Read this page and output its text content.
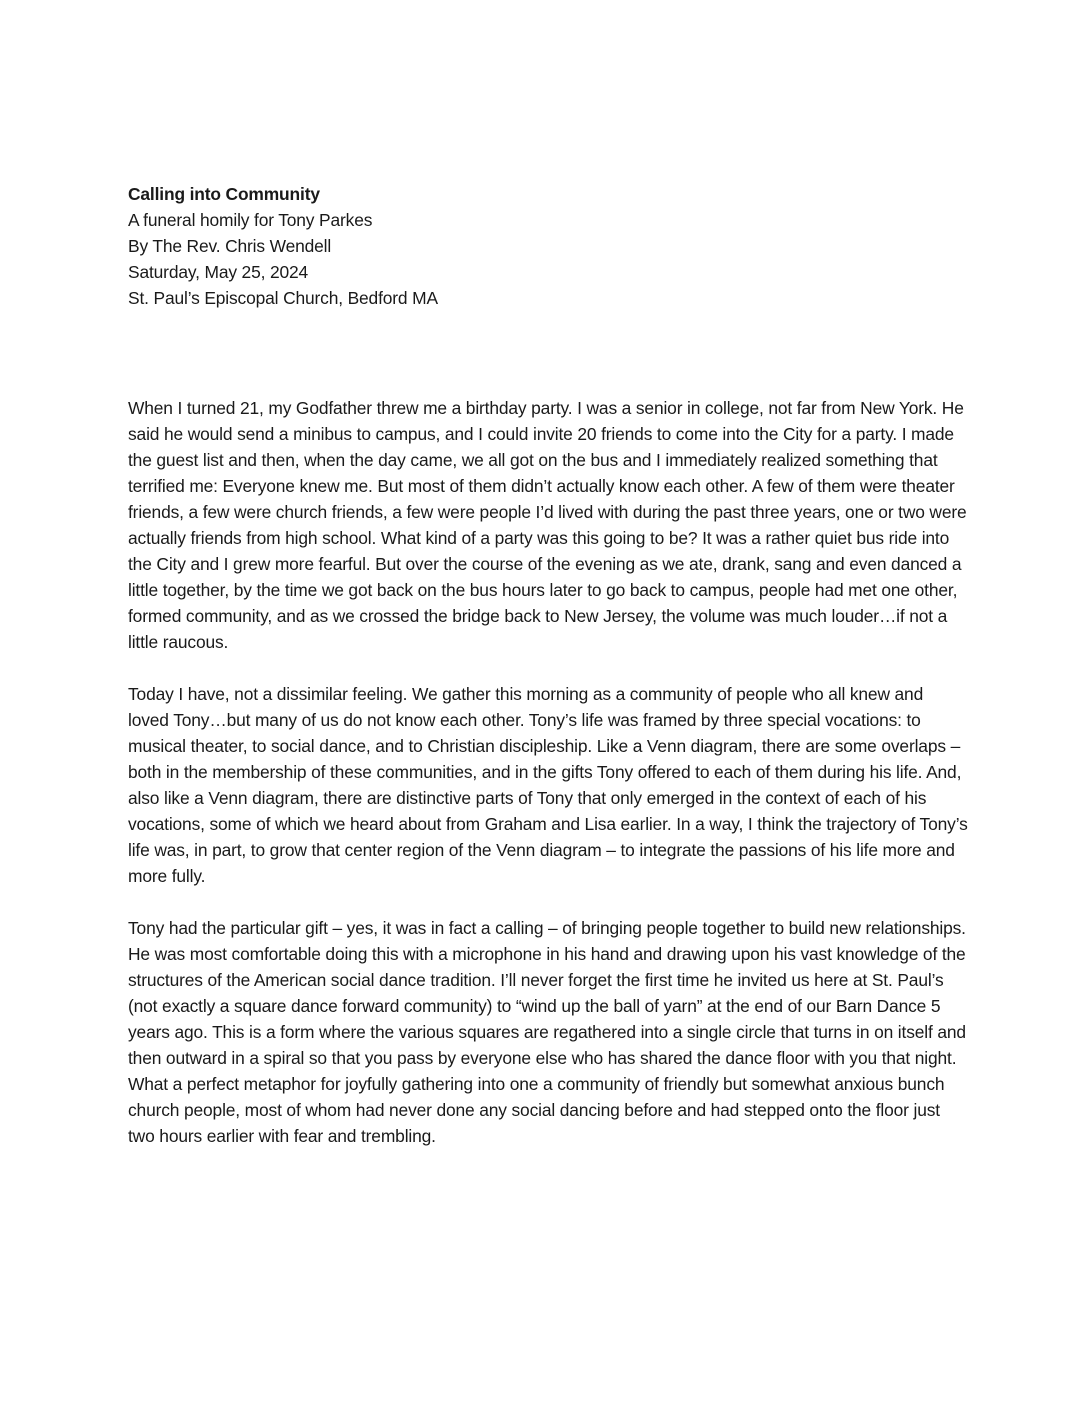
Calling into Community

A funeral homily for Tony Parkes

By The Rev. Chris Wendell

Saturday, May 25, 2024

St. Paul’s Episcopal Church, Bedford MA

When I turned 21, my Godfather threw me a birthday party. I was a senior in college, not far from New York. He said he would send a minibus to campus, and I could invite 20 friends to come into the City for a party. I made the guest list and then, when the day came, we all got on the bus and I immediately realized something that terrified me: Everyone knew me. But most of them didn’t actually know each other. A few of them were theater friends, a few were church friends, a few were people I’d lived with during the past three years, one or two were actually friends from high school. What kind of a party was this going to be? It was a rather quiet bus ride into the City and I grew more fearful. But over the course of the evening as we ate, drank, sang and even danced a little together, by the time we got back on the bus hours later to go back to campus, people had met one other, formed community, and as we crossed the bridge back to New Jersey, the volume was much louder…if not a little raucous.

Today I have, not a dissimilar feeling. We gather this morning as a community of people who all knew and loved Tony…but many of us do not know each other. Tony’s life was framed by three special vocations: to musical theater, to social dance, and to Christian discipleship. Like a Venn diagram, there are some overlaps – both in the membership of these communities, and in the gifts Tony offered to each of them during his life. And, also like a Venn diagram, there are distinctive parts of Tony that only emerged in the context of each of his vocations, some of which we heard about from Graham and Lisa earlier. In a way, I think the trajectory of Tony’s life was, in part, to grow that center region of the Venn diagram – to integrate the passions of his life more and more fully.

Tony had the particular gift – yes, it was in fact a calling – of bringing people together to build new relationships. He was most comfortable doing this with a microphone in his hand and drawing upon his vast knowledge of the structures of the American social dance tradition. I’ll never forget the first time he invited us here at St. Paul’s (not exactly a square dance forward community) to “wind up the ball of yarn” at the end of our Barn Dance 5 years ago. This is a form where the various squares are regathered into a single circle that turns in on itself and then outward in a spiral so that you pass by everyone else who has shared the dance floor with you that night. What a perfect metaphor for joyfully gathering into one a community of friendly but somewhat anxious bunch church people, most of whom had never done any social dancing before and had stepped onto the floor just two hours earlier with fear and trembling.
